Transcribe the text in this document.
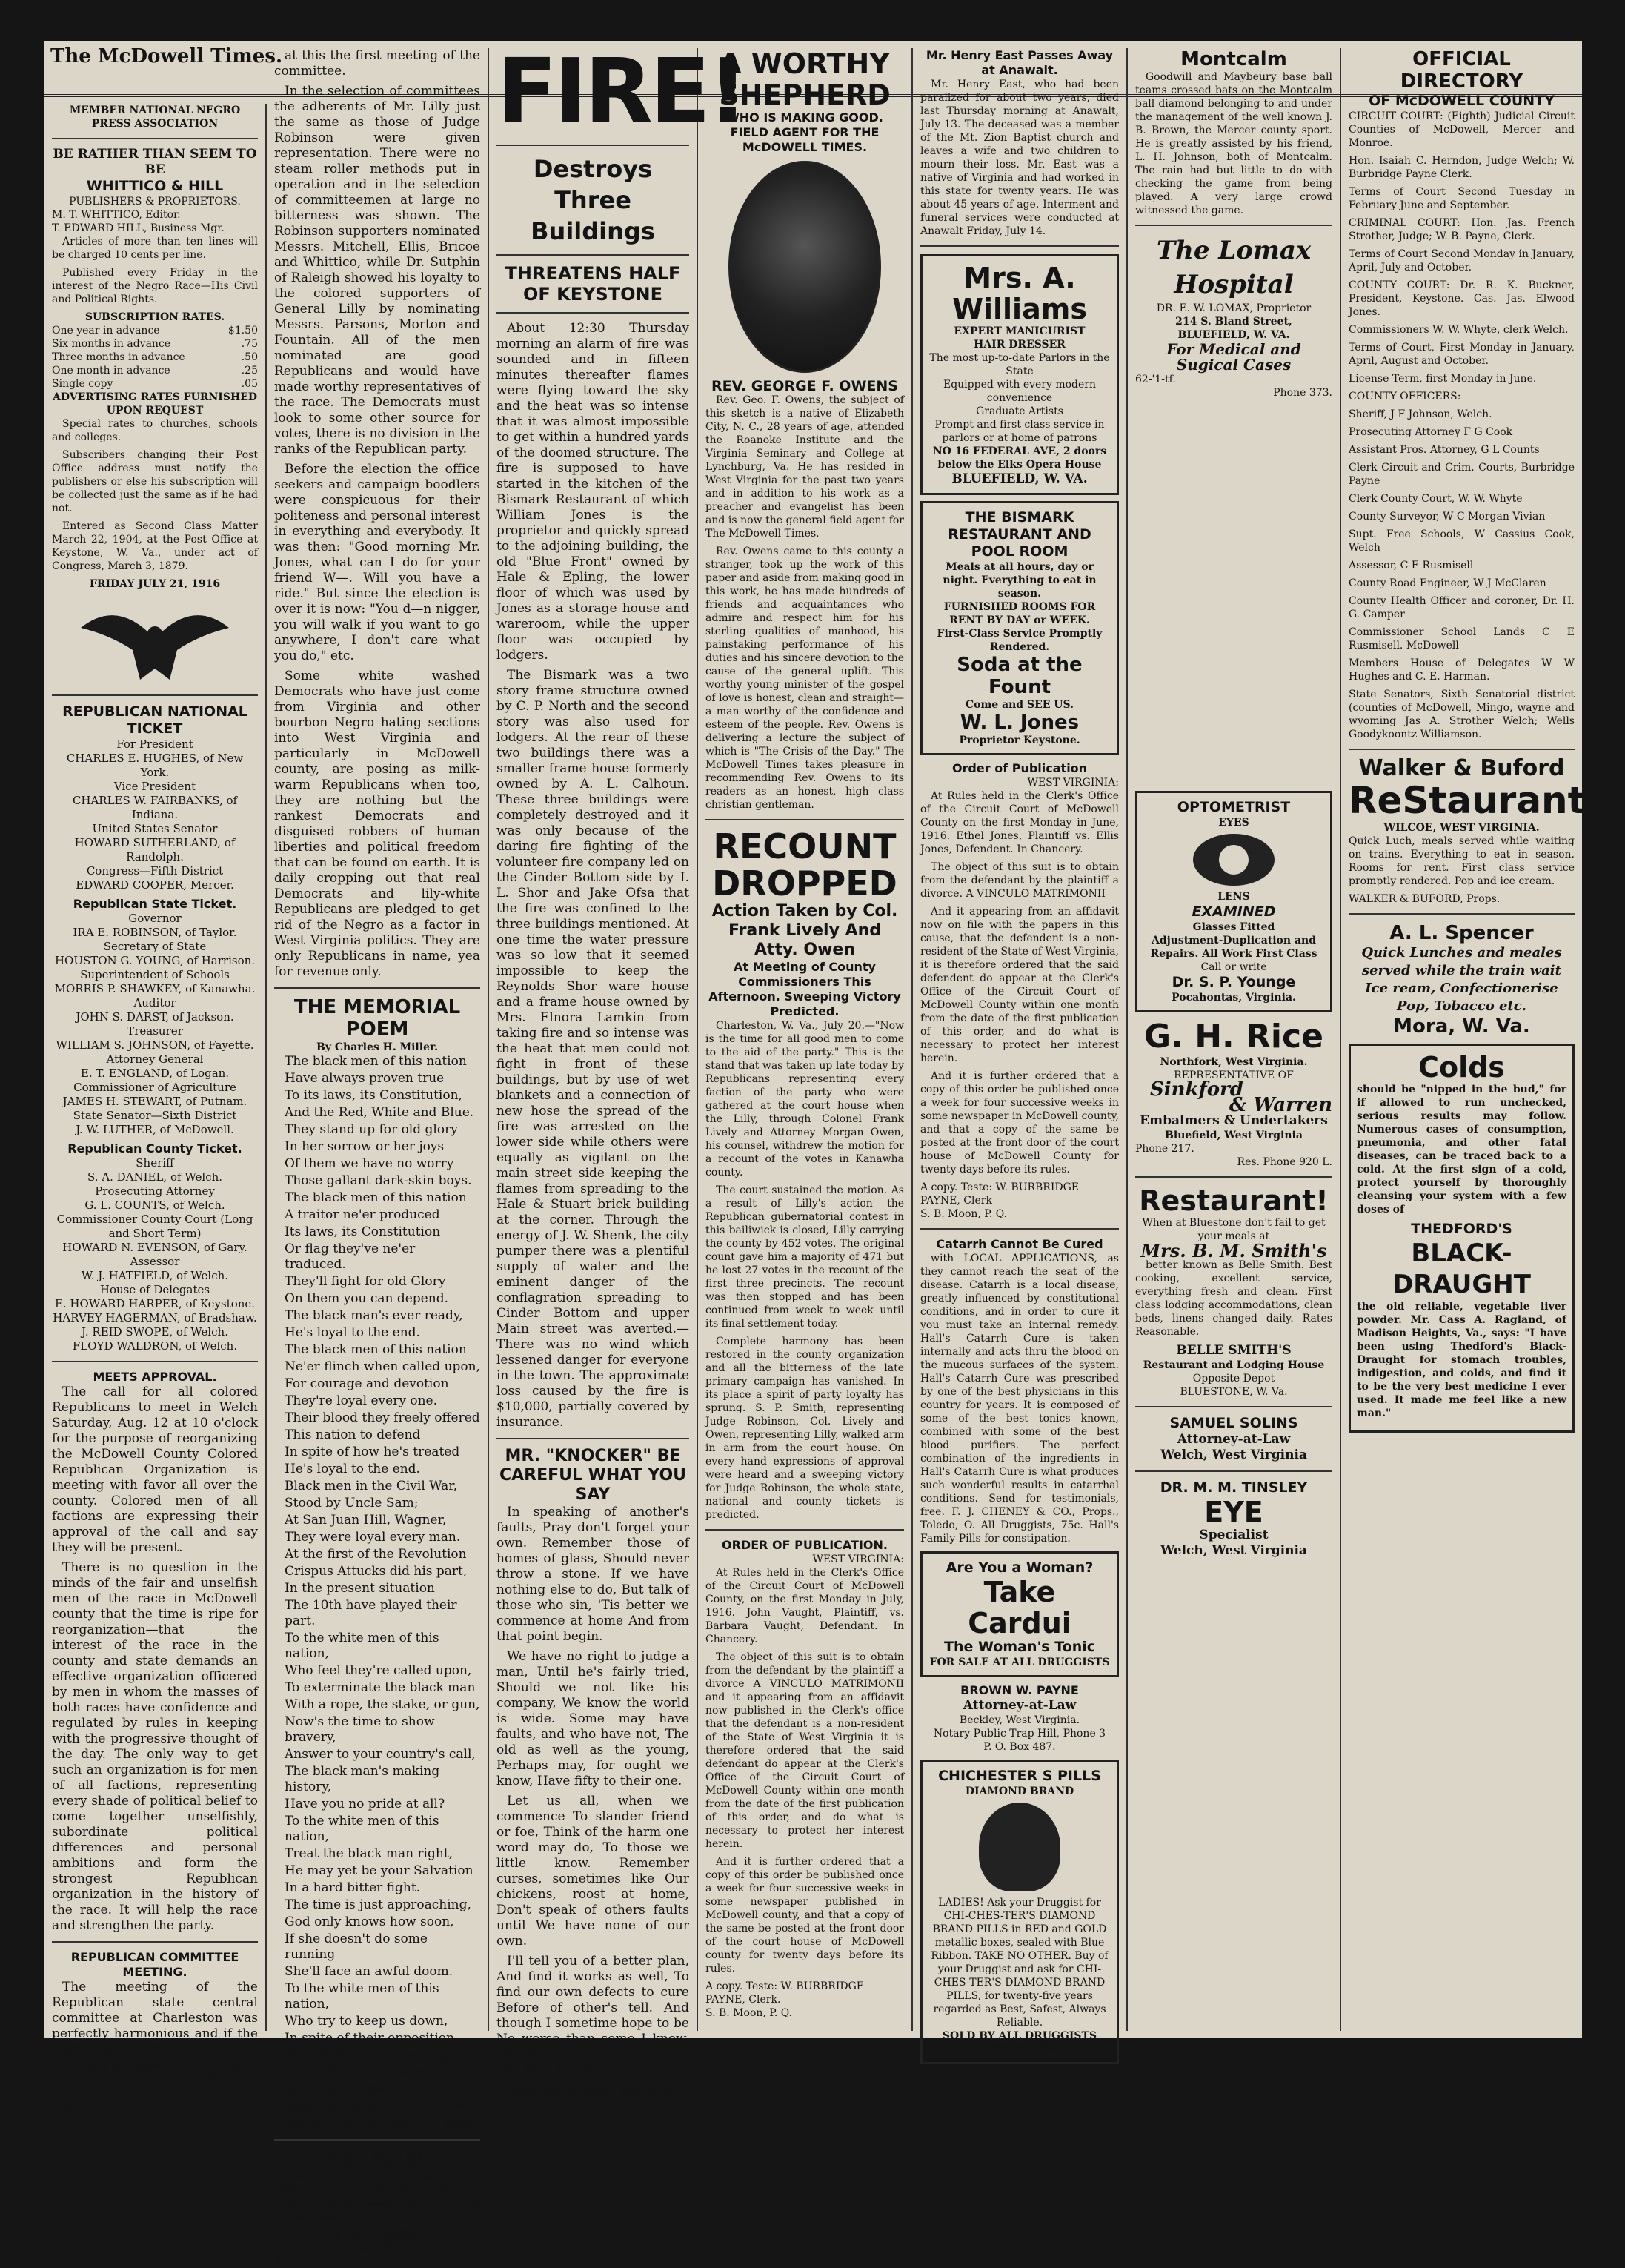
The McDowell Times.
MEMBER NATIONAL NEGRO PRESS ASSOCIATION
BE RATHER THAN SEEM TO BE
WHITTICO & HILL
PUBLISHERS & PROPRIETORS.
M. T. WHITTICO, Editor.
T. EDWARD HILL, Business Mgr.

Articles of more than ten lines will be charged 10 cents per line.

Published every Friday in the interest of the Negro Race—His Civil and Political Rights.

SUBSCRIPTION RATES.
One year in advance	$1.50
Six months in advance	.75
Three months in advance	.50
One month in advance	.25
Single copy	.05
ADVERTISING RATES FURNISHED UPON REQUEST

Special rates to churches, schools and colleges.

Subscribers changing their Post Office address must notify the publishers or else his subscription will be collected just the same as if he had not.

Entered as Second Class Matter March 22, 1904, at the Post Office at Keystone, W. Va., under act of Congress, March 3, 1879.

FRIDAY JULY 21, 1916
REPUBLICAN NATIONAL TICKET
For President
CHARLES E. HUGHES, of New York.
Vice President
CHARLES W. FAIRBANKS, of Indiana.
United States Senator
HOWARD SUTHERLAND, of Randolph.
Congress—Fifth District
EDWARD COOPER, Mercer.
Republican State Ticket.
Governor
IRA E. ROBINSON, of Taylor.
Secretary of State
HOUSTON G. YOUNG, of Harrison.
Superintendent of Schools
MORRIS P. SHAWKEY, of Kanawha.
Auditor
JOHN S. DARST, of Jackson.
Treasurer
WILLIAM S. JOHNSON, of Fayette.
Attorney General
E. T. ENGLAND, of Logan.
Commissioner of Agriculture
JAMES H. STEWART, of Putnam.
State Senator—Sixth District
J. W. LUTHER, of McDowell.
Republican County Ticket.
Sheriff
S. A. DANIEL, of Welch.
Prosecuting Attorney
G. L. COUNTS, of Welch.
Commissioner County Court (Long and Short Term)
HOWARD N. EVENSON, of Gary.
Assessor
W. J. HATFIELD, of Welch.
House of Delegates
E. HOWARD HARPER, of Keystone.
HARVEY HAGERMAN, of Bradshaw.
J. REID SWOPE, of Welch.
FLOYD WALDRON, of Welch.
MEETS APPROVAL.

The call for all colored Republicans to meet in Welch Saturday, Aug. 12 at 10 o'clock for the purpose of reorganizing the McDowell County Colored Republican Organization is meeting with favor all over the county. Colored men of all factions are expressing their approval of the call and say they will be present.

There is no question in the minds of the fair and unselfish men of the race in McDowell county that the time is ripe for reorganization—that the interest of the race in the county and state demands an effective organization officered by men in whom the masses of both races have confidence and regulated by rules in keeping with the progressive thought of the day. The only way to get such an organization is for men of all factions, representing every shade of political belief to come together unselfishly, subordinate political differences and personal ambitions and form the strongest Republican organization in the history of the race. It will help the race and strengthen the party.

REPUBLICAN COMMITTEE MEETING.

The meeting of the Republican state central committee at Charleston was perfectly harmonious and if the Democratic party hopes to gain anything because of divisions in the ranks of the G. O. P. there was certainly no evidence of bitterness or strife

at this the first meeting of the committee.

In the selection of committees the adherents of Mr. Lilly just the same as those of Judge Robinson were given representation. There were no steam roller methods put in operation and in the selection of committeemen at large no bitterness was shown. The Robinson supporters nominated Messrs. Mitchell, Ellis, Bricoe and Whittico, while Dr. Sutphin of Raleigh showed his loyalty to the colored supporters of General Lilly by nominating Messrs. Parsons, Morton and Fountain. All of the men nominated are good Republicans and would have made worthy representatives of the race. The Democrats must look to some other source for votes, there is no division in the ranks of the Republican party.

Before the election the office seekers and campaign boodlers were conspicuous for their politeness and personal interest in everything and everybody. It was then: "Good morning Mr. Jones, what can I do for your friend W—. Will you have a ride." But since the election is over it is now: "You d—n nigger, you will walk if you want to go anywhere, I don't care what you do," etc.

Some white washed Democrats who have just come from Virginia and other bourbon Negro hating sections into West Virginia and particularly in McDowell county, are posing as milk-warm Republicans when too, they are nothing but the rankest Democrats and disguised robbers of human liberties and political freedom that can be found on earth. It is daily cropping out that real Democrats and lily-white Republicans are pledged to get rid of the Negro as a factor in West Virginia politics. They are only Republicans in name, yea for revenue only.

THE MEMORIAL POEM
By Charles H. Miller.

The black men of this nation

Have always proven true

To its laws, its Constitution,

And the Red, White and Blue.

They stand up for old glory

In her sorrow or her joys

Of them we have no worry

Those gallant dark-skin boys.

The black men of this nation

A traitor ne'er produced

Its laws, its Constitution

Or flag they've ne'er traduced.

They'll fight for old Glory

On them you can depend.

The black man's ever ready,

He's loyal to the end.

The black men of this nation

Ne'er flinch when called upon,

For courage and devotion

They're loyal every one.

Their blood they freely offered

This nation to defend

In spite of how he's treated

He's loyal to the end.

Black men in the Civil War,

Stood by Uncle Sam;

At San Juan Hill, Wagner,

They were loyal every man.

At the first of the Revolution

Crispus Attucks did his part,

In the present situation

The 10th have played their part.

To the white men of this nation,

Who feel they're called upon,

To exterminate the black man

With a rope, the stake, or gun,

Now's the time to show bravery,

Answer to your country's call,

The black man's making history,

Have you no pride at all?

To the white men of this nation,

Treat the black man right,

He may yet be your Salvation

In a hard bitter fight.

The time is just approaching,

God only knows how soon,

If she doesn't do some running

She'll face an awful doom.

To the white men of this nation,

Who try to keep us down,

In spite of their opposition,

The black man's pressing on.

Our rights are as sacred

As those of other men,

When our rights are flaunted

You're playing with your own

For Sale!

One lot, No. 92, in Pinnacle City, Wyoming county, W. Va. A bargain offered; terms reasonable. Write or call and see

J. W. WALKER,
Kimball, W. Va.
Box 462. 6-23-'16—6.
FIRE!
Destroys Three Buildings
THREATENS HALF OF KEYSTONE

About 12:30 Thursday morning an alarm of fire was sounded and in fifteen minutes thereafter flames were flying toward the sky and the heat was so intense that it was almost impossible to get within a hundred yards of the doomed structure. The fire is supposed to have started in the kitchen of the Bismark Restaurant of which William Jones is the proprietor and quickly spread to the adjoining building, the old "Blue Front" owned by Hale & Epling, the lower floor of which was used by Jones as a storage house and wareroom, while the upper floor was occupied by lodgers.

The Bismark was a two story frame structure owned by C. P. North and the second story was also used for lodgers. At the rear of these two buildings there was a smaller frame house formerly owned by A. L. Calhoun. These three buildings were completely destroyed and it was only because of the daring fire fighting of the volunteer fire company led on the Cinder Bottom side by I. L. Shor and Jake Ofsa that the fire was confined to the three buildings mentioned. At one time the water pressure was so low that it seemed impossible to keep the Reynolds Shor ware house and a frame house owned by Mrs. Elnora Lamkin from taking fire and so intense was the heat that men could not fight in front of these buildings, but by use of wet blankets and a connection of new hose the spread of the fire was arrested on the lower side while others were equally as vigilant on the main street side keeping the flames from spreading to the Hale & Stuart brick building at the corner. Through the energy of J. W. Shenk, the city pumper there was a plentiful supply of water and the eminent danger of the conflagration spreading to Cinder Bottom and upper Main street was averted.—There was no wind which lessened danger for everyone in the town. The approximate loss caused by the fire is $10,000, partially covered by insurance.

MR. "KNOCKER" BE CAREFUL WHAT YOU SAY

In speaking of another's faults, Pray don't forget your own. Remember those of homes of glass, Should never throw a stone. If we have nothing else to do, But talk of those who sin, 'Tis better we commence at home And from that point begin.

We have no right to judge a man, Until he's fairly tried, Should we not like his company, We know the world is wide. Some may have faults, and who have not, The old as well as the young, Perhaps may, for ought we know, Have fifty to their one.

Let us all, when we commence To slander friend or foe, Think of the harm one word may do, To those we little know. Remember curses, sometimes like Our chickens, roost at home, Don't speak of others faults until We have none of our own.

I'll tell you of a better plan, And find it works as well, To find our own defects to cure Before of other's tell. And though I sometime hope to be No worse than some I know, My shortcomings bid me let The falts of others go.

Service is what we give.
A WORTHY SHEPHERD
WHO IS MAKING GOOD. FIELD AGENT FOR THE McDOWELL TIMES.
REV. GEORGE F. OWENS

Rev. Geo. F. Owens, the subject of this sketch is a native of Elizabeth City, N. C., 28 years of age, attended the Roanoke Institute and the Virginia Seminary and College at Lynchburg, Va. He has resided in West Virginia for the past two years and in addition to his work as a preacher and evangelist has been and is now the general field agent for The McDowell Times.

Rev. Owens came to this county a stranger, took up the work of this paper and aside from making good in this work, he has made hundreds of friends and acquaintances who admire and respect him for his sterling qualities of manhood, his painstaking performance of his duties and his sincere devotion to the cause of the general uplift. This worthy young minister of the gospel of love is honest, clean and straight—a man worthy of the confidence and esteem of the people. Rev. Owens is delivering a lecture the subject of which is "The Crisis of the Day." The McDowell Times takes pleasure in recommending Rev. Owens to its readers as an honest, high class christian gentleman.

RECOUNT DROPPED
Action Taken by Col. Frank Lively And Atty. Owen
At Meeting of County Commissioners This Afternoon. Sweeping Victory Predicted.

Charleston, W. Va., July 20.—"Now is the time for all good men to come to the aid of the party." This is the stand that was taken up late today by Republicans representing every faction of the party who were gathered at the court house when the Lilly, through Colonel Frank Lively and Attorney Morgan Owen, his counsel, withdrew the motion for a recount of the votes in Kanawha county.

The court sustained the motion. As a result of Lilly's action the Republican gubernatorial contest in this bailiwick is closed, Lilly carrying the county by 452 votes. The original count gave him a majority of 471 but he lost 27 votes in the recount of the first three precincts. The recount was then stopped and has been continued from week to week until its final settlement today.

Complete harmony has been restored in the county organization and all the bitterness of the late primary campaign has vanished. In its place a spirit of party loyalty has sprung. S. P. Smith, representing Judge Robinson, Col. Lively and Owen, representing Lilly, walked arm in arm from the court house. On every hand expressions of approval were heard and a sweeping victory for Judge Robinson, the whole state, national and county tickets is predicted.

ORDER OF PUBLICATION.
WEST VIRGINIA:

At Rules held in the Clerk's Office of the Circuit Court of McDowell County, on the first Monday in July, 1916. John Vaught, Plaintiff, vs. Barbara Vaught, Defendant. In Chancery.

The object of this suit is to obtain from the defendant by the plaintiff a divorce A VINCULO MATRIMONII and it appearing from an affidavit now published in the Clerk's office that the defendant is a non-resident of the State of West Virginia it is therefore ordered that the said defendant do appear at the Clerk's Office of the Circuit Court of McDowell County within one month from the date of the first publication of this order, and do what is necessary to protect her interest herein.

And it is further ordered that a copy of this order be published once a week for four successive weeks in some newspaper published in McDowell county, and that a copy of the same be posted at the front door of the court house of McDowell county for twenty days before its rules.

A copy. Teste: W. BURBRIDGE PAYNE, Clerk.
S. B. Moon, P. Q.
Mr. Henry East Passes Away at Anawalt.

Mr. Henry East, who had been paralized for about two years, died last Thursday morning at Anawalt, July 13. The deceased was a member of the Mt. Zion Baptist church and leaves a wife and two children to mourn their loss. Mr. East was a native of Virginia and had worked in this state for twenty years. He was about 45 years of age. Interment and funeral services were conducted at Anawalt Friday, July 14.

Mrs. A. Williams
EXPERT MANICURIST
HAIR DRESSER
The most up-to-date Parlors in the State
Equipped with every modern convenience
Graduate Artists
Prompt and first class service in parlors or at home of patrons
NO 16 FEDERAL AVE, 2 doors below the Elks Opera House
BLUEFIELD, W. VA.
THE BISMARK RESTAURANT AND POOL ROOM
Meals at all hours, day or night. Everything to eat in season.
FURNISHED ROOMS FOR RENT BY DAY or WEEK.
First-Class Service Promptly Rendered.
Soda at the Fount
Come and SEE US.
W. L. Jones
Proprietor Keystone.
Order of Publication
WEST VIRGINIA:

At Rules held in the Clerk's Office of the Circuit Court of McDowell County on the first Monday in June, 1916. Ethel Jones, Plaintiff vs. Ellis Jones, Defendent. In Chancery.

The object of this suit is to obtain from the defendant by the plaintiff a divorce. A VINCULO MATRIMONII

And it appearing from an affidavit now on file with the papers in this cause, that the defendent is a non-resident of the State of West Virginia, it is therefore ordered that the said defendent do appear at the Clerk's Office of the Circuit Court of McDowell County within one month from the date of the first publication of this order, and do what is necessary to protect her interest herein.

And it is further ordered that a copy of this order be published once a week for four successive weeks in some newspaper in McDowell county, and that a copy of the same be posted at the front door of the court house of McDowell County for twenty days before its rules.

A copy. Teste: W. BURBRIDGE PAYNE, Clerk
S. B. Moon, P. Q.
Catarrh Cannot Be Cured

with LOCAL APPLICATIONS, as they cannot reach the seat of the disease. Catarrh is a local disease, greatly influenced by constitutional conditions, and in order to cure it you must take an internal remedy. Hall's Catarrh Cure is taken internally and acts thru the blood on the mucous surfaces of the system. Hall's Catarrh Cure was prescribed by one of the best physicians in this country for years. It is composed of some of the best tonics known, combined with some of the best blood purifiers. The perfect combination of the ingredients in Hall's Catarrh Cure is what produces such wonderful results in catarrhal conditions. Send for testimonials, free. F. J. CHENEY & CO., Props., Toledo, O. All Druggists, 75c. Hall's Family Pills for constipation.

Are You a Woman?
Take
Cardui
The Woman's Tonic
FOR SALE AT ALL DRUGGISTS
BROWN W. PAYNE
Attorney-at-Law
Beckley, West Virginia.
Notary Public Trap Hill, Phone 3
P. O. Box 487.
CHICHESTER S PILLS
DIAMOND BRAND
LADIES! Ask your Druggist for CHI-CHES-TER'S DIAMOND BRAND PILLS in RED and GOLD metallic boxes, sealed with Blue Ribbon. TAKE NO OTHER. Buy of your Druggist and ask for CHI-CHES-TER'S DIAMOND BRAND PILLS, for twenty-five years regarded as Best, Safest, Always Reliable.
SOLD BY ALL DRUGGISTS EVERYWHERE
Montcalm

Goodwill and Maybeury base ball teams crossed bats on the Montcalm ball diamond belonging to and under the management of the well known J. B. Brown, the Mercer county sport. He is greatly assisted by his friend, L. H. Johnson, both of Montcalm. The rain had but little to do with checking the game from being played. A very large crowd witnessed the game.

The Lomax Hospital
DR. E. W. LOMAX, Proprietor
214 S. Bland Street,
BLUEFIELD, W. VA.
For Medical and Sugical Cases
62-'1-tf.
Phone 373.
OPTOMETRIST
EYES
LENS
EXAMINED
Glasses Fitted
Adjustment-Duplication and Repairs. All Work First Class
Call or write
Dr. S. P. Younge
Pocahontas, Virginia.
G. H. Rice
Northfork, West Virginia.
REPRESENTATIVE OF
Sinkford
& Warren
Embalmers & Undertakers
Bluefield, West Virginia
Phone 217.
Res. Phone 920 L.
Restaurant!
When at Bluestone don't fail to get your meals at
Mrs. B. M. Smith's

better known as Belle Smith. Best cooking, excellent service, everything fresh and clean. First class lodging accommodations, clean beds, linens changed daily. Rates Reasonable.

BELLE SMITH'S
Restaurant and Lodging House
Opposite Depot
BLUESTONE, W. Va.
SAMUEL SOLINS
Attorney-at-Law
Welch, West Virginia
DR. M. M. TINSLEY
EYE
Specialist
Welch, West Virginia
OFFICIAL DIRECTORY
OF McDOWELL COUNTY

CIRCUIT COURT: (Eighth) Judicial Circuit Counties of McDowell, Mercer and Monroe.

Hon. Isaiah C. Herndon, Judge Welch; W. Burbridge Payne Clerk.

Terms of Court Second Tuesday in February June and September.

CRIMINAL COURT: Hon. Jas. French Strother, Judge; W. B. Payne, Clerk.

Terms of Court Second Monday in January, April, July and October.

COUNTY COURT: Dr. R. K. Buckner, President, Keystone. Cas. Jas. Elwood Jones.

Commissioners W. W. Whyte, clerk Welch.

Terms of Court, First Monday in January, April, August and October.

License Term, first Monday in June.

COUNTY OFFICERS:

Sheriff, J F Johnson, Welch.

Prosecuting Attorney F G Cook

Assistant Pros. Attorney, G L Counts

Clerk Circuit and Crim. Courts, Burbridge Payne

Clerk County Court, W. W. Whyte

County Surveyor, W C Morgan Vivian

Supt. Free Schools, W Cassius Cook, Welch

Assessor, C E Rusmisell

County Road Engineer, W J McClaren

County Health Officer and coroner, Dr. H. G. Camper

Commissioner School Lands C E Rusmisell. McDowell

Members House of Delegates W W Hughes and C. E. Harman.

State Senators, Sixth Senatorial district (counties of McDowell, Mingo, wayne and wyoming Jas A. Strother Welch; Wells Goodykoontz Williamson.

Walker & Buford
ReStaurant
WILCOE, WEST VIRGINIA.

Quick Luch, meals served while waiting on trains. Everything to eat in season. Rooms for rent. First class service promptly rendered. Pop and ice cream.

WALKER & BUFORD, Props.
A. L. Spencer
Quick Lunches and meales served while the train wait Ice ream, Confectionerise Pop, Tobacco etc.
Mora, W. Va.
Colds

should be "nipped in the bud," for if allowed to run unchecked, serious results may follow. Numerous cases of consumption, pneumonia, and other fatal diseases, can be traced back to a cold. At the first sign of a cold, protect yourself by thoroughly cleansing your system with a few doses of

THEDFORD'S
BLACK-DRAUGHT

the old reliable, vegetable liver powder. Mr. Cass A. Ragland, of Madison Heights, Va., says: "I have been using Thedford's Black-Draught for stomach troubles, indigestion, and colds, and find it to be the very best medicine I ever used. It made me feel like a new man."
